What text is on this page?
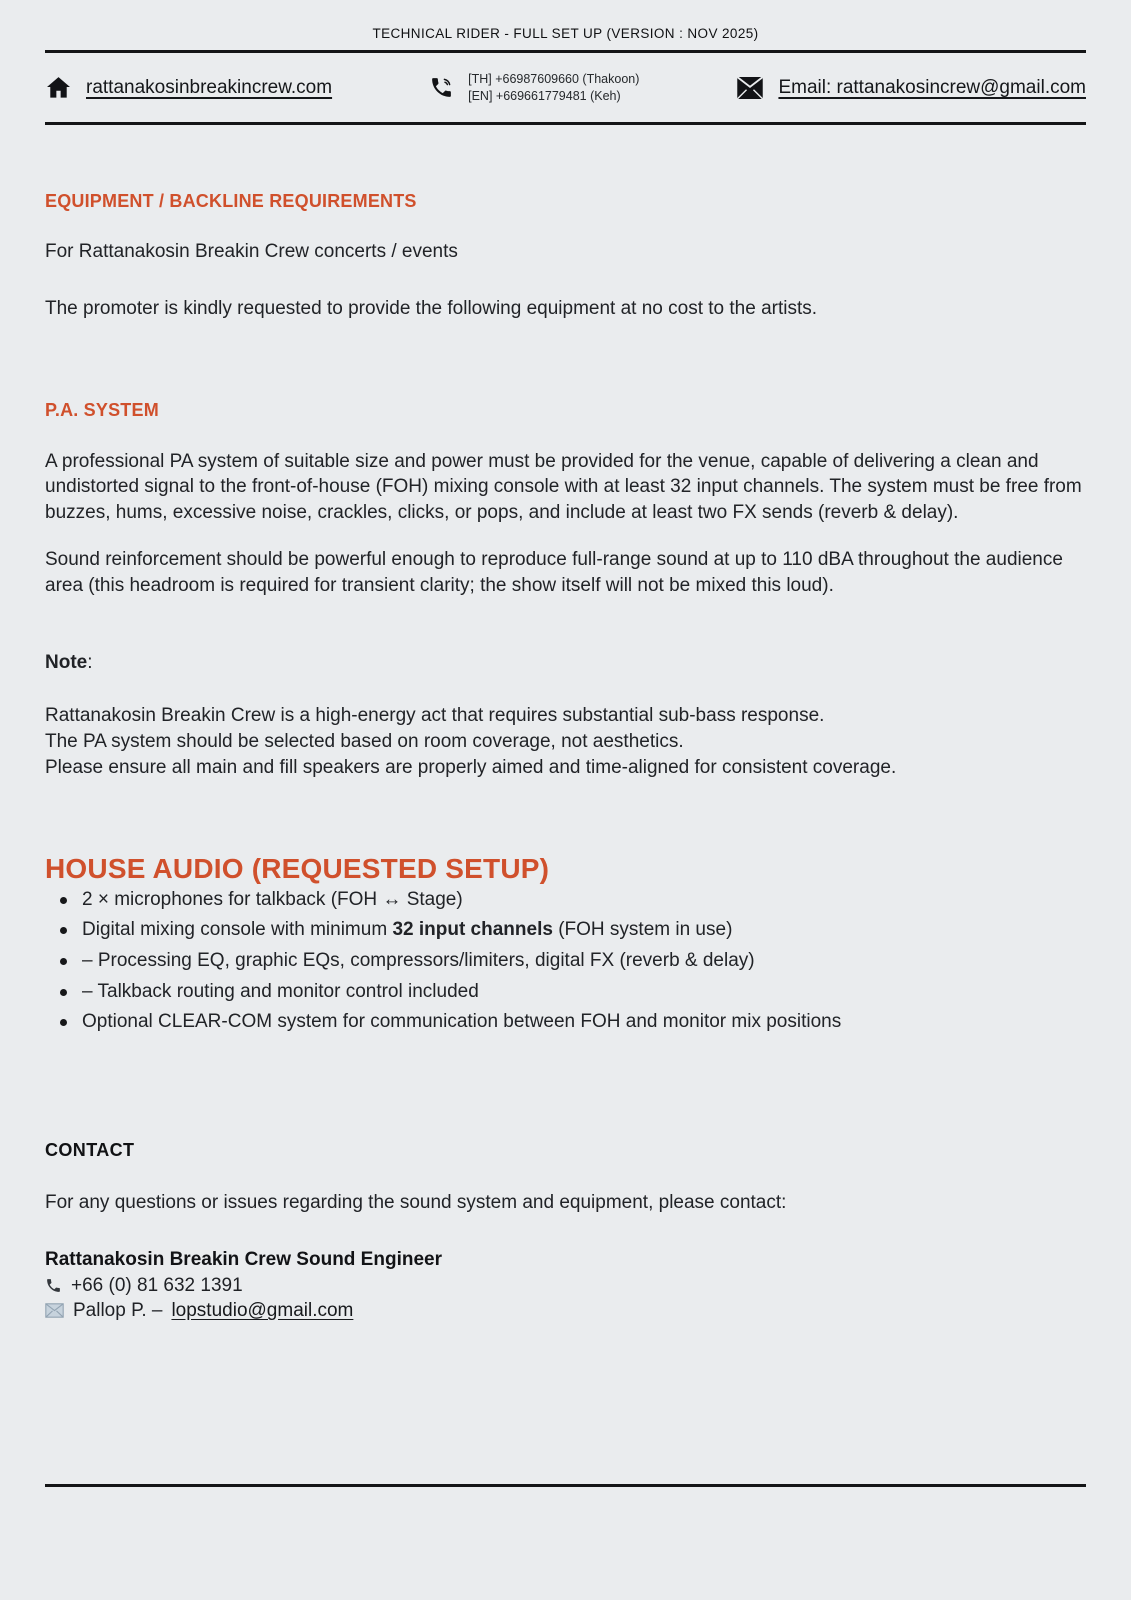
TECHNICAL RIDER - FULL SET UP (VERSION : NOV 2025)
rattanakosinbreakincrew.com	[TH] +66987609660 (Thakoon)
[EN] +669661779481 (Keh)	Email: rattanakosincrew@gmail.com
EQUIPMENT / BACKLINE REQUIREMENTS

For Rattanakosin Breakin Crew concerts / events

The promoter is kindly requested to provide the following equipment at no cost to the artists.

P.A. SYSTEM

A professional PA system of suitable size and power must be provided for the venue, capable of delivering a clean and undistorted signal to the front-of-house (FOH) mixing console with at least 32 input channels. The system must be free from buzzes, hums, excessive noise, crackles, clicks, or pops, and include at least two FX sends (reverb & delay).

Sound reinforcement should be powerful enough to reproduce full-range sound at up to 110 dBA throughout the audience area (this headroom is required for transient clarity; the show itself will not be mixed this loud).

Note:

Rattanakosin Breakin Crew is a high-energy act that requires substantial sub-bass response.

The PA system should be selected based on room coverage, not aesthetics.

Please ensure all main and fill speakers are properly aimed and time-aligned for consistent coverage.

HOUSE AUDIO (REQUESTED SETUP)
2 × microphones for talkback (FOH ↔ Stage)
Digital mixing console with minimum 32 input channels (FOH system in use)
– Processing EQ, graphic EQs, compressors/limiters, digital FX (reverb & delay)
– Talkback routing and monitor control included
Optional CLEAR-COM system for communication between FOH and monitor mix positions
CONTACT

For any questions or issues regarding the sound system and equipment, please contact:

Rattanakosin Breakin Crew Sound Engineer
+66 (0) 81 632 1391
Pallop P. – lopstudio@gmail.com
